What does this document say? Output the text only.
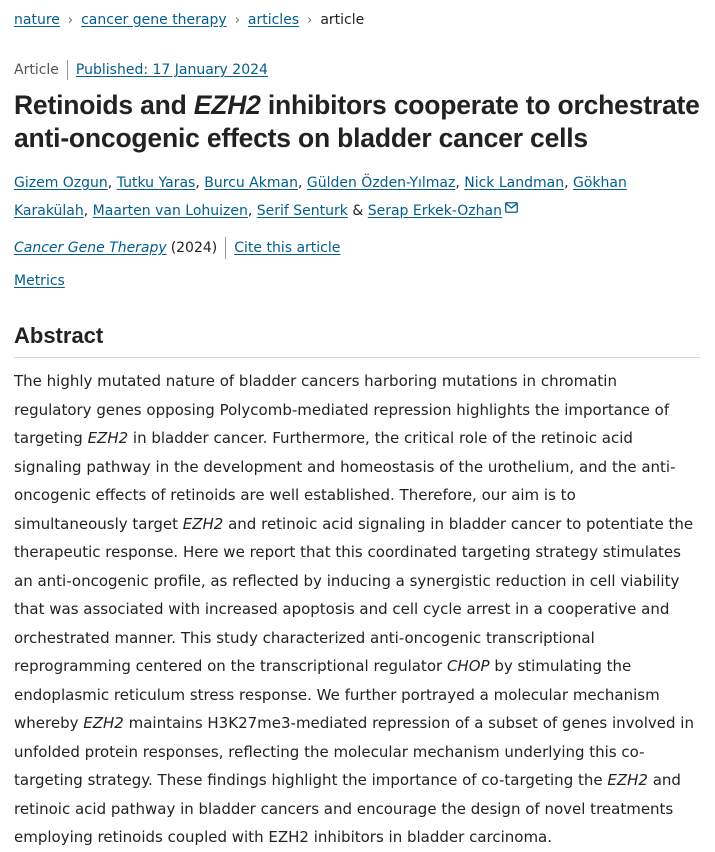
nature › cancer gene therapy › articles › article
Article Published: 17 January 2024
Retinoids and EZH2 inhibitors cooperate to orchestrate anti-oncogenic effects on bladder cancer cells
Gizem Ozgun, Tutku Yaras, Burcu Akman, Gülden Özden-Yılmaz, Nick Landman, Gökhan Karakülah, Maarten van Lohuizen, Serif Senturk & Serap Erkek-Ozhan
Cancer Gene Therapy (2024) Cite this article
Metrics
Abstract

The highly mutated nature of bladder cancers harboring mutations in chromatin regulatory genes opposing Polycomb-mediated repression highlights the importance of targeting EZH2 in bladder cancer. Furthermore, the critical role of the retinoic acid signaling pathway in the development and homeostasis of the urothelium, and the anti-oncogenic effects of retinoids are well established. Therefore, our aim is to simultaneously target EZH2 and retinoic acid signaling in bladder cancer to potentiate the therapeutic response. Here we report that this coordinated targeting strategy stimulates an anti-oncogenic profile, as reflected by inducing a synergistic reduction in cell viability that was associated with increased apoptosis and cell cycle arrest in a cooperative and orchestrated manner. This study characterized anti-oncogenic transcriptional reprogramming centered on the transcriptional regulator CHOP by stimulating the endoplasmic reticulum stress response. We further portrayed a molecular mechanism whereby EZH2 maintains H3K27me3-mediated repression of a subset of genes involved in unfolded protein responses, reflecting the molecular mechanism underlying this co-targeting strategy. These findings highlight the importance of co-targeting the EZH2 and retinoic acid pathway in bladder cancers and encourage the design of novel treatments employing retinoids coupled with EZH2 inhibitors in bladder carcinoma.
